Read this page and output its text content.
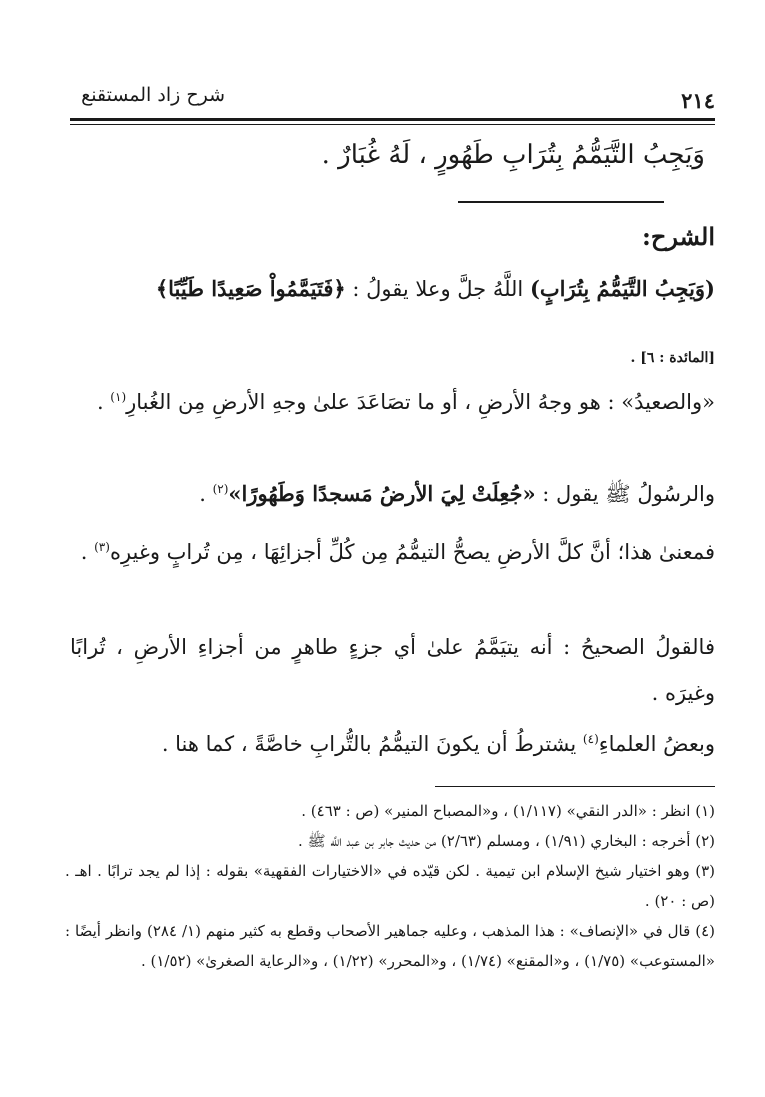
٢١٤
شرح زاد المستقنع
وَيَجِبُ التَّيَمُّمُ بِتُرَابِ طَهُورٍ ، لَهُ غُبَارٌ .
الشرح:
(وَيَجِبُ التَّيَمُّمُ بِتُرَابٍ) اللَّهُ جلَّ وعلا يقولُ : ﴿فَتَيَمَّمُواْ صَعِيدًا طَيِّبًا﴾
[المائدة : ٦] .
«والصعيدُ» : هو وجهُ الأرضِ ، أو ما تصَاعَدَ علىٰ وجهِ الأرضِ مِن الغُبارِ$^{(١)}$ .
والرسُولُ ﷺ يقول : «جُعِلَتْ لِيَ الأرضُ مَسجدًا وَطَهُورًا»$^{(٢)}$ .
فمعنىٰ هذا؛ أنَّ كلَّ الأرضِ يصحُّ التيمُّمُ مِن كُلِّ أجزائِهَا ، مِن تُرابٍ وغيرِه$^{(٣)}$ .
فالقولُ الصحيحُ : أنه يتيَمَّمُ علىٰ أي جزءٍ طاهرٍ من أجزاءِ الأرضِ ، تُرابًا وغيرَه .
وبعضُ العلماءِ$^{(٤)}$ يشترطُ أن يكونَ التيمُّمُ بالتُّرابِ خاصَّةً ، كما هنا .
(١) انظر : «الدر النقي» (١/١١٧) ، و«المصباح المنير» (ص : ٤٦٣) .
(٢) أخرجه : البخاري (١/٩١) ، ومسلم (٢/٦٣) من حديث جابر بن عبد اللَّه ﷺ .
(٣) وهو اختيار شيخ الإسلام ابن تيمية . لكن قيّده في «الاختيارات الفقهية» بقوله : إذا لم يجد ترابًا . اهـ . (ص : ٢٠) .
(٤) قال في «الإنصاف» : هذا المذهب ، وعليه جماهير الأصحاب وقطع به كثير منهم (١/ ٢٨٤) وانظر أيضًا : «المستوعب» (١/٧٥) ، و«المقنع» (١/٧٤) ، و«المحرر» (١/٢٢) ، و«الرعاية الصغرىٰ» (١/٥٢) .
